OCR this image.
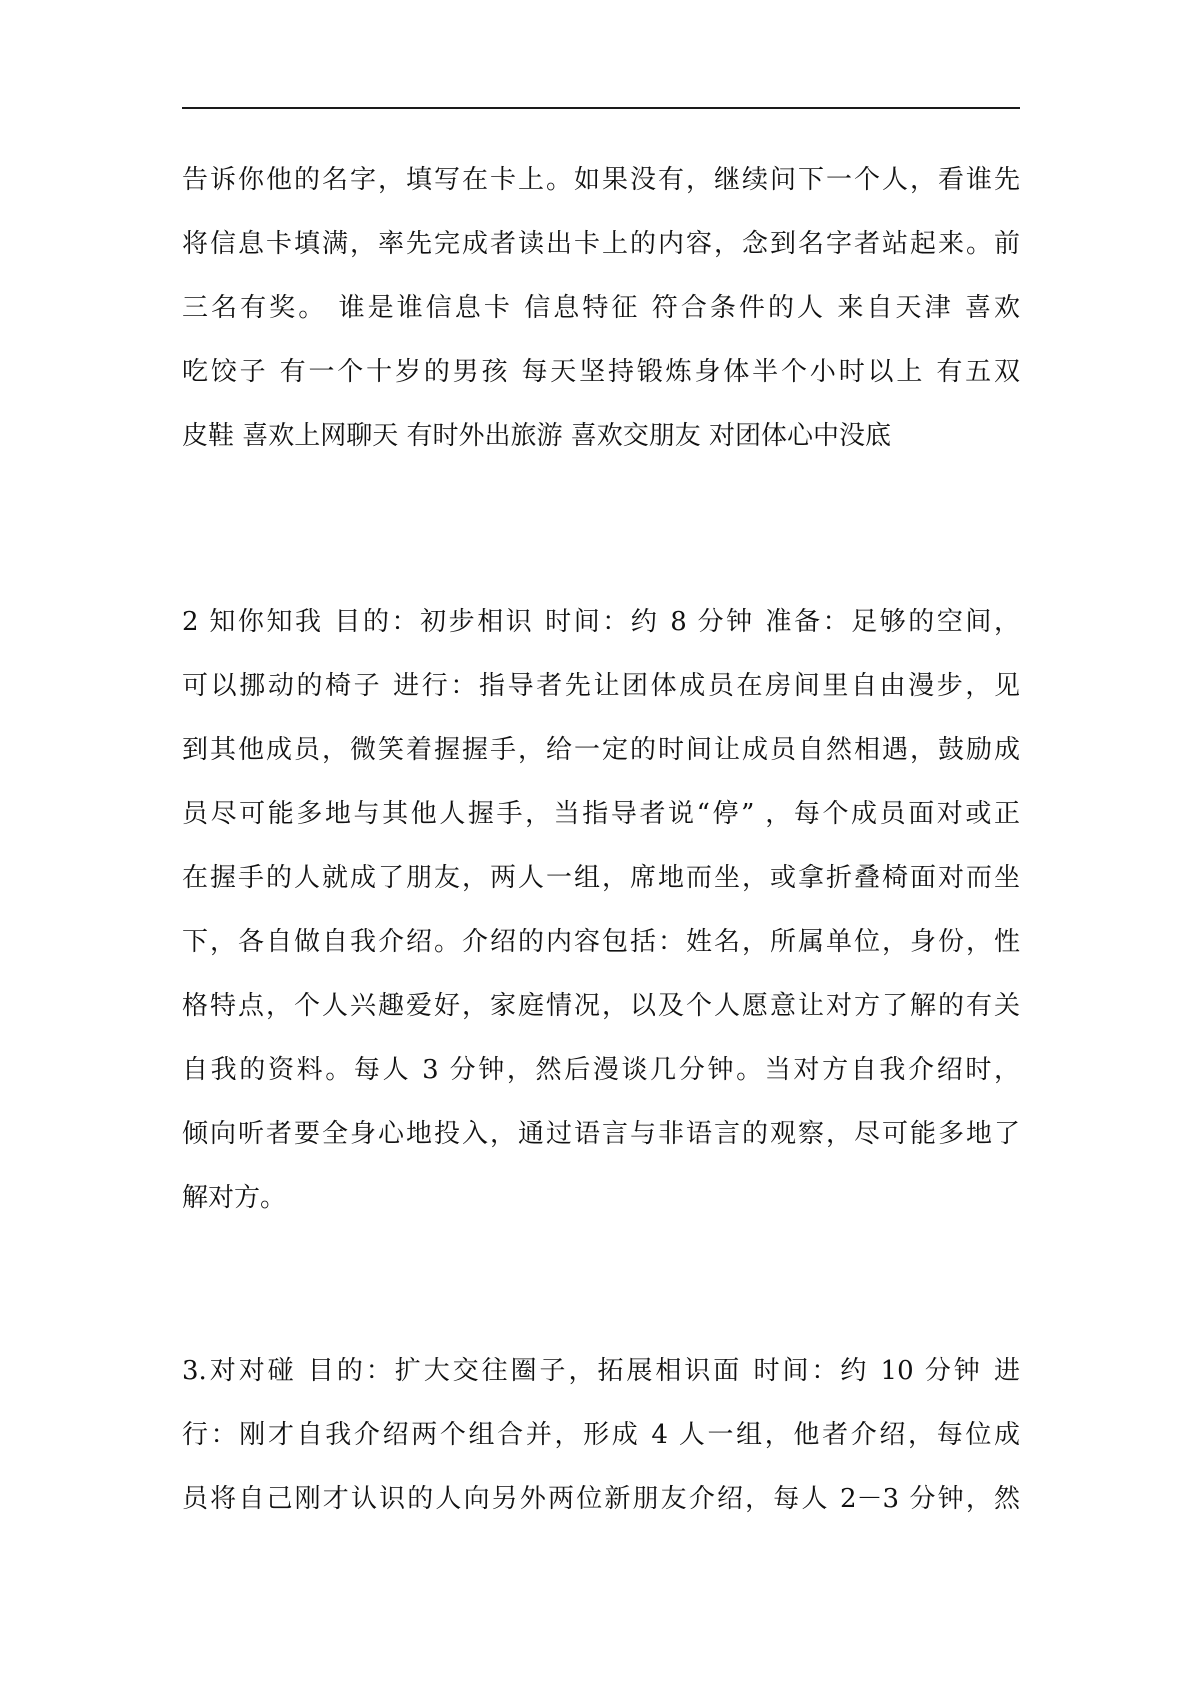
告诉你他的名字，填写在卡上。如果没有，继续问下一个人，看谁先
将信息卡填满，率先完成者读出卡上的内容，念到名字者站起来。前
三名有奖。 谁是谁信息卡 信息特征 符合条件的人 来自天津 喜欢
吃饺子 有一个十岁的男孩 每天坚持锻炼身体半个小时以上 有五双
皮鞋 喜欢上网聊天 有时外出旅游 喜欢交朋友 对团体心中没底
2 知你知我 目的：初步相识 时间：约 8 分钟 准备：足够的空间，
可以挪动的椅子 进行：指导者先让团体成员在房间里自由漫步，见
到其他成员，微笑着握握手，给一定的时间让成员自然相遇，鼓励成
员尽可能多地与其他人握手，当指导者说“停” ，每个成员面对或正
在握手的人就成了朋友，两人一组，席地而坐，或拿折叠椅面对而坐
下，各自做自我介绍。介绍的内容包括：姓名，所属单位，身份，性
格特点，个人兴趣爱好，家庭情况，以及个人愿意让对方了解的有关
自我的资料。每人 3 分钟，然后漫谈几分钟。当对方自我介绍时，
倾向听者要全身心地投入，通过语言与非语言的观察，尽可能多地了
解对方。
3.对对碰 目的：扩大交往圈子，拓展相识面 时间：约 10 分钟 进
行：刚才自我介绍两个组合并，形成 4 人一组，他者介绍，每位成
员将自己刚才认识的人向另外两位新朋友介绍，每人 2－3 分钟，然
